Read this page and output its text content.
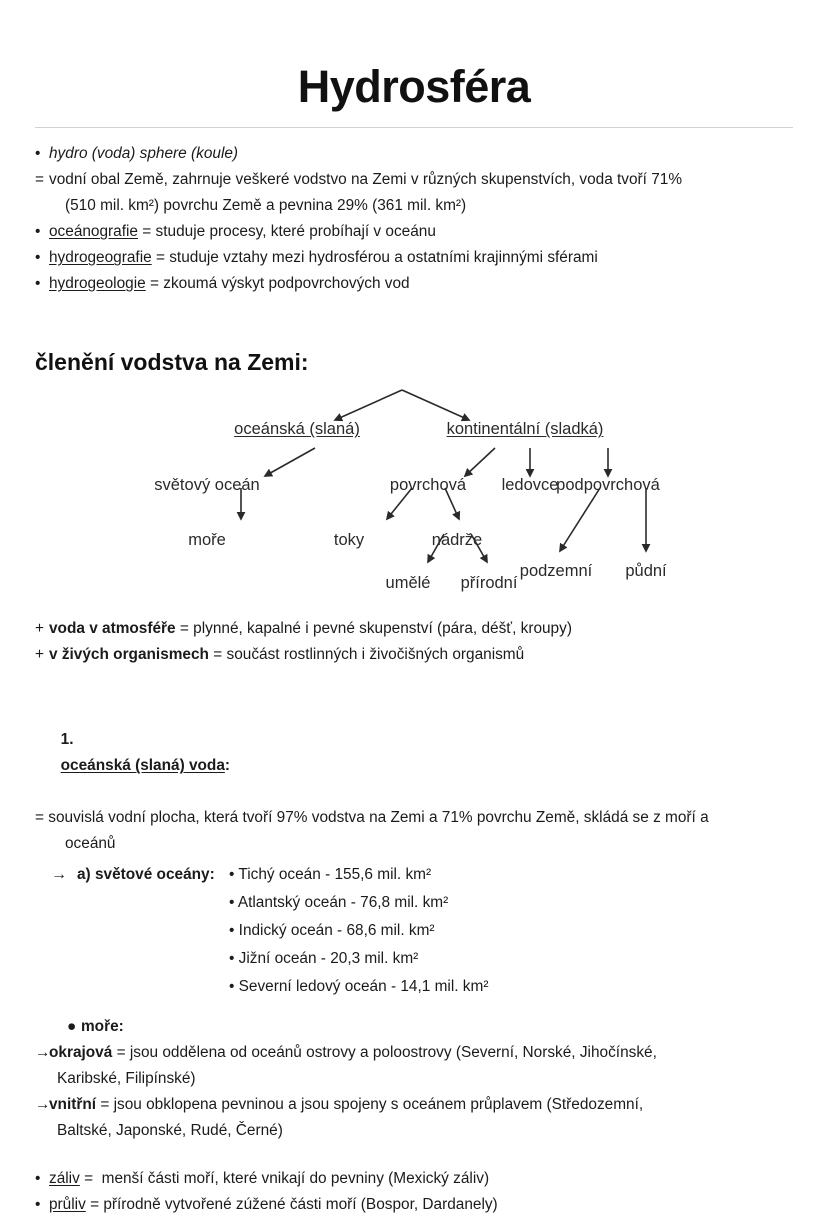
Hydrosféra
• hydro (voda) sphere (koule)
= vodní obal Země, zahrnuje veškeré vodstvo na Zemi v různých skupenstvích, voda tvoří 71%
(510 mil. km²) povrchu Země a pevnina 29% (361 mil. km²)
• oceánografie = studuje procesy, které probíhají v oceánu
• hydrogeografie = studuje vztahy mezi hydrosférou a ostatními krajinnými sférami
• hydrogeologie = zkoumá výskyt podpovrchových vod
členění vodstva na Zemi:
oceánská (slaná)	kontinentální (sladká)
světový oceán
moře
povrchová ledovce
podpovrchová
toky	nádrže
umělé přírodní
podzemní půdní
+ voda v atmosféře = plynné, kapalné i pevné skupenství (pára, déšť, kroupy)
+ v živých organismech = součást rostlinných i živočišných organismů

1.
oceánská (slaná) voda:

= souvislá vodní plocha, která tvoří 97% vodstva na Zemi a 71% povrchu Země, skládá se z moří a
oceánů
→ a) světové oceány: • Tichý oceán - 155,6 mil. km²
• Atlantský oceán - 76,8 mil. km²
• Indický oceán - 68,6 mil. km²
• Jižní oceán - 20,3 mil. km²
• Severní ledový oceán - 14,1 mil. km²
● moře:
→
okrajová = jsou oddělena od oceánů ostrovy a poloostrovy (Severní, Norské, Jihočínské,
Karibské, Filipínské)
→
vnitřní = jsou obklopena pevninou a jsou spojeny s oceánem průplavem (Středozemní,
Baltské, Japonské, Rudé, Černé)
• záliv =  menší části moří, které vnikají do pevniny (Mexický záliv)
• průliv = přírodně vytvořené zúžené části moří (Bospor, Dardanely)
